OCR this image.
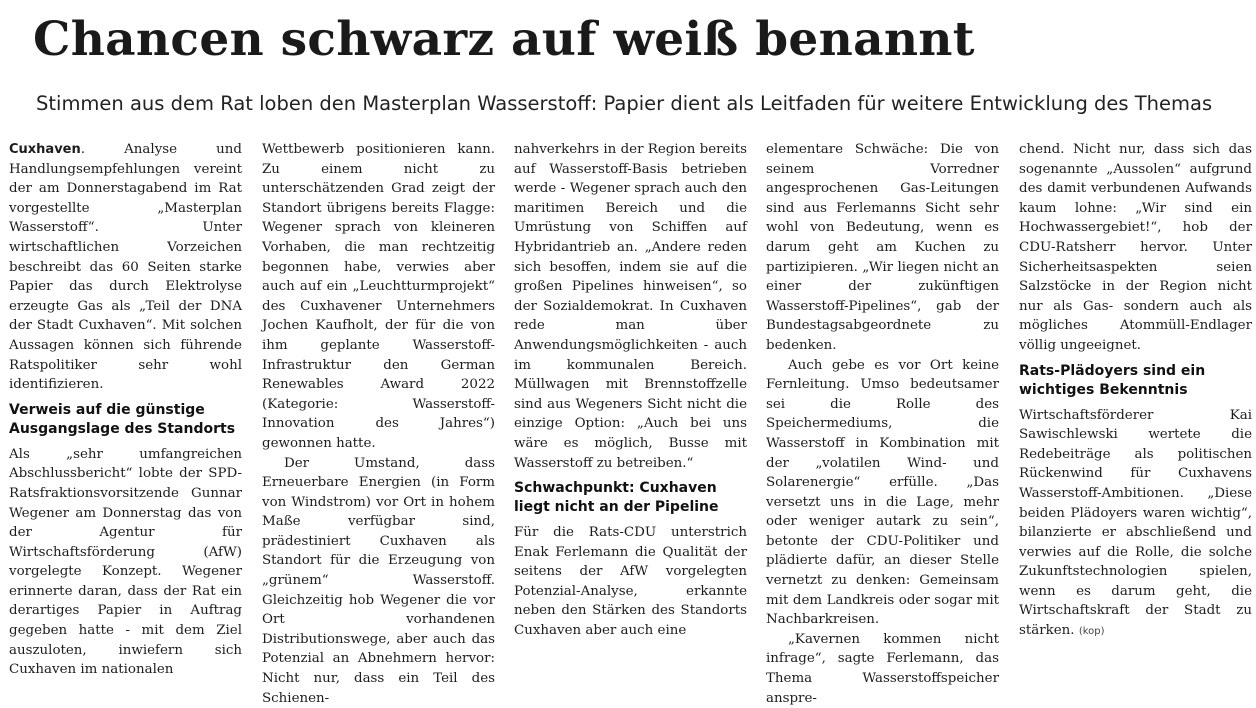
Chancen schwarz auf weiß benannt
Stimmen aus dem Rat loben den Masterplan Wasserstoff: Papier dient als Leitfaden für weitere Entwicklung des Themas

Cuxhaven. Analyse und Handlungsempfehlungen vereint der am Donnerstagabend im Rat vorgestellte „Masterplan Wasserstoff“. Unter wirtschaftlichen Vorzeichen beschreibt das 60 Seiten starke Papier das durch Elektrolyse erzeugte Gas als „Teil der DNA der Stadt Cuxhaven“. Mit solchen Aussagen können sich führende Ratspolitiker sehr wohl identifizieren.

Verweis auf die günstige Ausgangslage des Standorts

Als „sehr umfangreichen Abschlussbericht“ lobte der SPD-Ratsfraktionsvorsitzende Gunnar Wegener am Donnerstag das von der Agentur für Wirtschaftsförderung (AfW) vorgelegte Konzept. Wegener erinnerte daran, dass der Rat ein derartiges Papier in Auftrag gegeben hatte - mit dem Ziel auszuloten, inwiefern sich Cuxhaven im nationalen

Wettbewerb positionieren kann. Zu einem nicht zu unterschätzenden Grad zeigt der Standort übrigens bereits Flagge: Wegener sprach von kleineren Vorhaben, die man rechtzeitig begonnen habe, verwies aber auch auf ein „Leuchtturmprojekt“ des Cuxhavener Unternehmers Jochen Kaufholt, der für die von ihm geplante Wasserstoff-Infrastruktur den German Renewables Award 2022 (Kategorie: Wasserstoff-Innovation des Jahres“) gewonnen hatte.

Der Umstand, dass Erneuerbare Energien (in Form von Windstrom) vor Ort in hohem Maße verfügbar sind, prädestiniert Cuxhaven als Standort für die Erzeugung von „grünem“ Wasserstoff. Gleichzeitig hob Wegener die vor Ort vorhandenen Distributionswege, aber auch das Potenzial an Abnehmern hervor: Nicht nur, dass ein Teil des Schienen-

nahverkehrs in der Region bereits auf Wasserstoff-Basis betrieben werde - Wegener sprach auch den maritimen Bereich und die Umrüstung von Schiffen auf Hybridantrieb an. „Andere reden sich besoffen, indem sie auf die großen Pipelines hinweisen“, so der Sozialdemokrat. In Cuxhaven rede man über Anwendungsmöglichkeiten - auch im kommunalen Bereich. Müllwagen mit Brennstoffzelle sind aus Wegeners Sicht nicht die einzige Option: „Auch bei uns wäre es möglich, Busse mit Wasserstoff zu betreiben.“

Schwachpunkt: Cuxhaven liegt nicht an der Pipeline

Für die Rats-CDU unterstrich Enak Ferlemann die Qualität der seitens der AfW vorgelegten Potenzial-Analyse, erkannte neben den Stärken des Standorts Cuxhaven aber auch eine

elementare Schwäche: Die von seinem Vorredner angesprochenen Gas-Leitungen sind aus Ferlemanns Sicht sehr wohl von Bedeutung, wenn es darum geht am Kuchen zu partizipieren. „Wir liegen nicht an einer der zukünftigen Wasserstoff-Pipelines“, gab der Bundestagsabgeordnete zu bedenken.

Auch gebe es vor Ort keine Fernleitung. Umso bedeutsamer sei die Rolle des Speichermediums, die Wasserstoff in Kombination mit der „volatilen Wind- und Solarenergie“ erfülle. „Das versetzt uns in die Lage, mehr oder weniger autark zu sein“, betonte der CDU-Politiker und plädierte dafür, an dieser Stelle vernetzt zu denken: Gemeinsam mit dem Landkreis oder sogar mit Nachbarkreisen.

„Kavernen kommen nicht infrage“, sagte Ferlemann, das Thema Wasserstoffspeicher anspre-

chend. Nicht nur, dass sich das sogenannte „Aussolen“ aufgrund des damit verbundenen Aufwands kaum lohne: „Wir sind ein Hochwassergebiet!“, hob der CDU-Ratsherr hervor. Unter Sicherheitsaspekten seien Salzstöcke in der Region nicht nur als Gas- sondern auch als mögliches Atommüll-Endlager völlig ungeeignet.

Rats-Plädoyers sind ein wichtiges Bekenntnis

Wirtschaftsförderer Kai Sawischlewski wertete die Redebeiträge als politischen Rückenwind für Cuxhavens Wasserstoff-Ambitionen. „Diese beiden Plädoyers waren wichtig“, bilanzierte er abschließend und verwies auf die Rolle, die solche Zukunftstechnologien spielen, wenn es darum geht, die Wirtschaftskraft der Stadt zu stärken. (kop)
